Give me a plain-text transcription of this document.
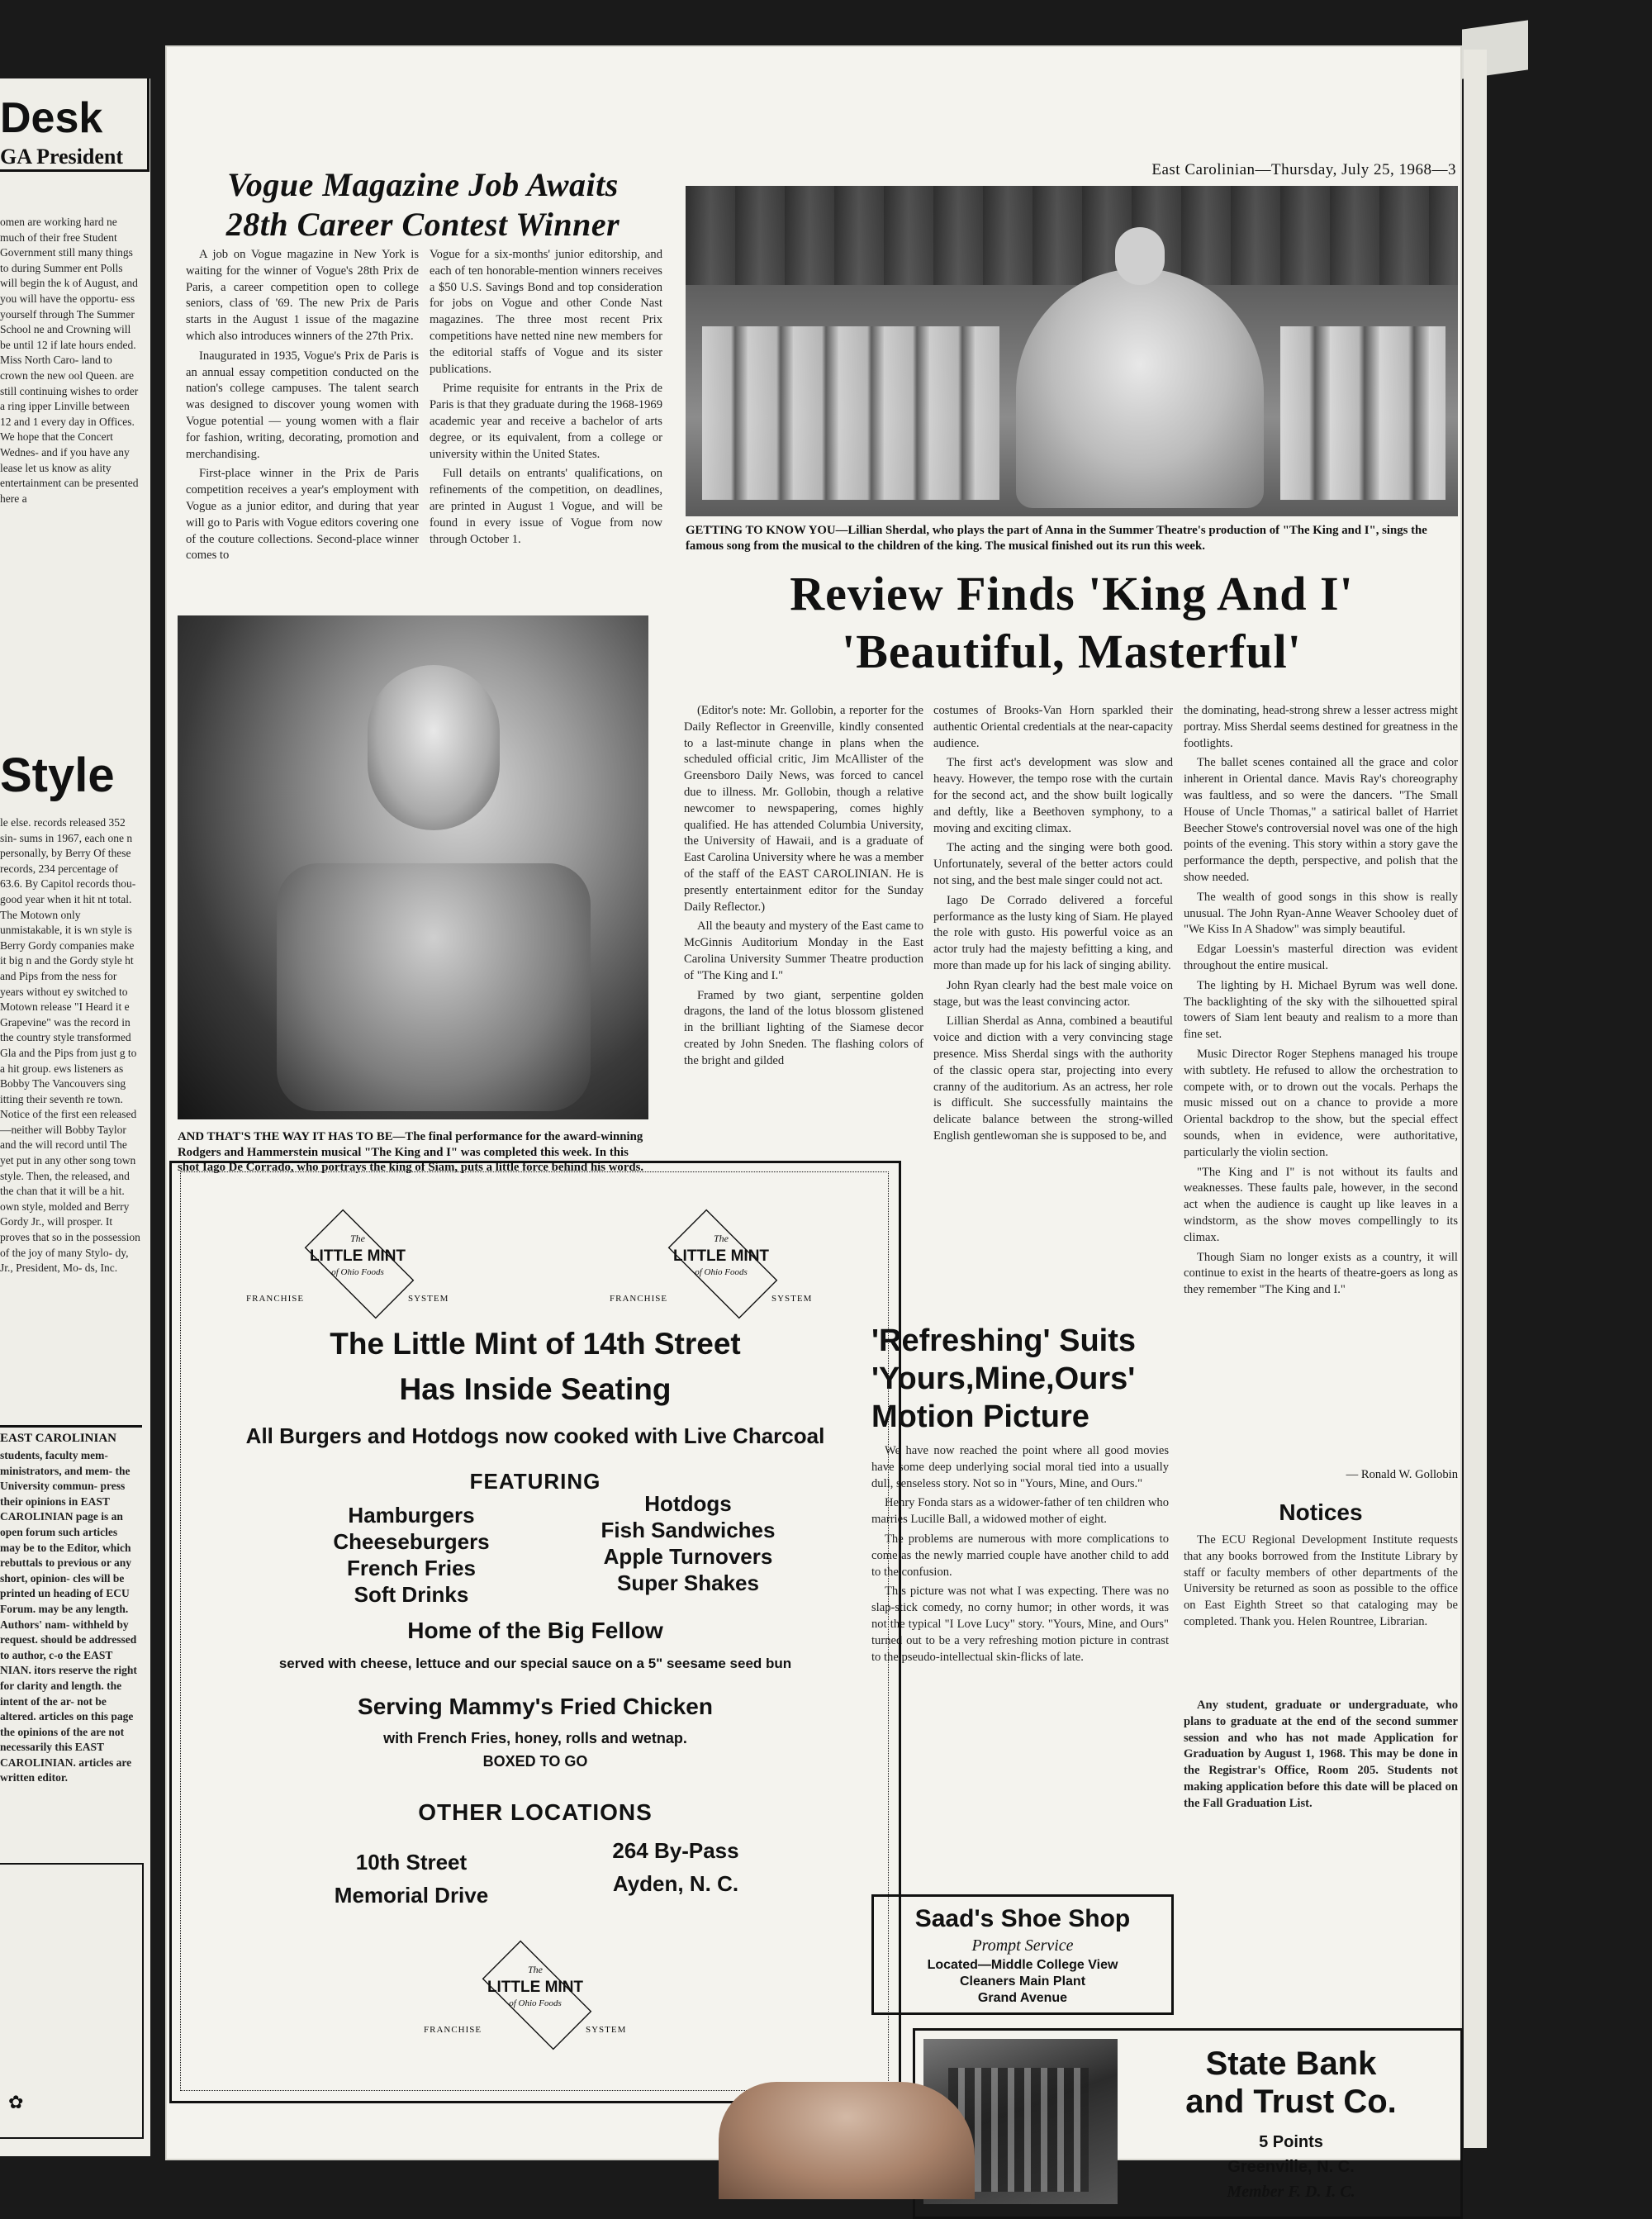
Desk
GA President
omen are working hard ne much of their free Student Government still many things to during Summer ent Polls will begin the k of August, and you will have the opportu- ess yourself through The Summer School ne and Crowning will be until 12 if late hours ended. Miss North Caro- land to crown the new ool Queen. are still continuing wishes to order a ring ipper Linville between 12 and 1 every day in Offices. We hope that the Concert Wednes- and if you have any lease let us know as ality entertainment can be presented here a
Style
le else. records released 352 sin- sums in 1967, each one n personally, by Berry Of these records, 234 percentage of 63.6. By Capitol records thou- good year when it hit nt total. The Motown only unmistakable, it is wn style is Berry Gordy companies make it big n and the Gordy style ht and Pips from the ness for years without ey switched to Motown release "I Heard it e Grapevine" was the record in the country style transformed Gla and the Pips from just g to a hit group. ews listeners as Bobby The Vancouvers sing itting their seventh re town. Notice of the first een released—neither will Bobby Taylor and the will record until The yet put in any other song town style. Then, the released, and the chan that it will be a hit. own style, molded and Berry Gordy Jr., will prosper. It proves that so in the possession of the joy of many Stylo- dy, Jr., President, Mo- ds, Inc.
EAST CAROLINIAN
students, faculty mem- ministrators, and mem- the University commun- press their opinions in EAST CAROLINIAN page is an open forum such articles may be to the Editor, which rebuttals to previous or any short, opinion- cles will be printed un heading of ECU Forum. may be any length. Authors' nam- withheld by request. should be addressed to author, c-o the EAST NIAN. itors reserve the right for clarity and length. the intent of the ar- not be altered. articles on this page the opinions of the are not necessarily this EAST CAROLINIAN. articles are written editor.
✿
East Carolinian—Thursday, July 25, 1968—3
Vogue Magazine Job Awaits
28th Career Contest Winner

A job on Vogue magazine in New York is waiting for the winner of Vogue's 28th Prix de Paris, a career competition open to college seniors, class of '69. The new Prix de Paris starts in the August 1 issue of the magazine which also introduces winners of the 27th Prix.

Inaugurated in 1935, Vogue's Prix de Paris is an annual essay competition conducted on the nation's college campuses. The talent search was designed to discover young women with Vogue potential — young women with a flair for fashion, writing, decorating, promotion and merchandising.

First-place winner in the Prix de Paris competition receives a year's employment with Vogue as a junior editor, and during that year will go to Paris with Vogue editors covering one of the couture collections. Second-place winner comes to

Vogue for a six-months' junior editorship, and each of ten honorable-mention winners receives a $50 U.S. Savings Bond and top consideration for jobs on Vogue and other Conde Nast magazines. The three most recent Prix competitions have netted nine new members for the editorial staffs of Vogue and its sister publications.

Prime requisite for entrants in the Prix de Paris is that they graduate during the 1968-1969 academic year and receive a bachelor of arts degree, or its equivalent, from a college or university within the United States.

Full details on entrants' qualifications, on refinements of the competition, on deadlines, are printed in August 1 Vogue, and will be found in every issue of Vogue from now through October 1.

GETTING TO KNOW YOU—Lillian Sherdal, who plays the part of Anna in the Summer Theatre's production of "The King and I", sings the famous song from the musical to the children of the king. The musical finished out its run this week.
Review Finds 'King And I'
'Beautiful, Masterful'
AND THAT'S THE WAY IT HAS TO BE—The final performance for the award-winning Rodgers and Hammerstein musical "The King and I" was completed this week. In this shot Iago De Corrado, who portrays the king of Siam, puts a little force behind his words.

(Editor's note: Mr. Gollobin, a reporter for the Daily Reflector in Greenville, kindly consented to a last-minute change in plans when the scheduled official critic, Jim McAllister of the Greensboro Daily News, was forced to cancel due to illness. Mr. Gollobin, though a relative newcomer to newspapering, comes highly qualified. He has attended Columbia University, the University of Hawaii, and is a graduate of East Carolina University where he was a member of the staff of the EAST CAROLINIAN. He is presently entertainment editor for the Sunday Daily Reflector.)

All the beauty and mystery of the East came to McGinnis Auditorium Monday in the East Carolina University Summer Theatre production of "The King and I."

Framed by two giant, serpentine golden dragons, the land of the lotus blossom glistened in the brilliant lighting of the Siamese decor created by John Sneden. The flashing colors of the bright and gilded

costumes of Brooks-Van Horn sparkled their authentic Oriental credentials at the near-capacity audience.

The first act's development was slow and heavy. However, the tempo rose with the curtain for the second act, and the show built logically and deftly, like a Beethoven symphony, to a moving and exciting climax.

The acting and the singing were both good. Unfortunately, several of the better actors could not sing, and the best male singer could not act.

Iago De Corrado delivered a forceful performance as the lusty king of Siam. He played the role with gusto. His powerful voice as an actor truly had the majesty befitting a king, and more than made up for his lack of singing ability.

John Ryan clearly had the best male voice on stage, but was the least convincing actor.

Lillian Sherdal as Anna, combined a beautiful voice and diction with a very convincing stage presence. Miss Sherdal sings with the authority of the classic opera star, projecting into every cranny of the auditorium. As an actress, her role is difficult. She successfully maintains the delicate balance between the strong-willed English gentlewoman she is supposed to be, and

the dominating, head-strong shrew a lesser actress might portray. Miss Sherdal seems destined for greatness in the footlights.

The ballet scenes contained all the grace and color inherent in Oriental dance. Mavis Ray's choreography was faultless, and so were the dancers. "The Small House of Uncle Thomas," a satirical ballet of Harriet Beecher Stowe's controversial novel was one of the high points of the evening. This story within a story gave the performance the depth, perspective, and polish that the show needed.

The wealth of good songs in this show is really unusual. The John Ryan-Anne Weaver Schooley duet of "We Kiss In A Shadow" was simply beautiful.

Edgar Loessin's masterful direction was evident throughout the entire musical.

The lighting by H. Michael Byrum was well done. The backlighting of the sky with the silhouetted spiral towers of Siam lent beauty and realism to a more than fine set.

Music Director Roger Stephens managed his troupe with subtlety. He refused to allow the orchestration to compete with, or to drown out the vocals. Perhaps the music missed out on a chance to provide a more Oriental backdrop to the show, but the special effect sounds, when in evidence, were authoritative, particularly the violin section.

"The King and I" is not without its faults and weaknesses. These faults pale, however, in the second act when the audience is caught up like leaves in a windstorm, as the show moves compellingly to its climax.

Though Siam no longer exists as a country, it will continue to exist in the hearts of theatre-goers as long as they remember "The King and I."

— Ronald W. Gollobin
'Refreshing' Suits
'Yours,Mine,Ours'
Motion Picture

We have now reached the point where all good movies have some deep underlying social moral tied into a usually dull, senseless story. Not so in "Yours, Mine, and Ours."

Henry Fonda stars as a widower-father of ten children who marries Lucille Ball, a widowed mother of eight.

The problems are numerous with more complications to come as the newly married couple have another child to add to the confusion.

This picture was not what I was expecting. There was no slap-stick comedy, no corny humor; in other words, it was not the typical "I Love Lucy" story. "Yours, Mine, and Ours" turned out to be a very refreshing motion picture in contrast to the pseudo-intellectual skin-flicks of late.

Notices

The ECU Regional Development Institute requests that any books borrowed from the Institute Library by staff or faculty members of other departments of the University be returned as soon as possible to the office on East Eighth Street so that cataloging may be completed. Thank you. Helen Rountree, Librarian.

Any student, graduate or undergraduate, who plans to graduate at the end of the second summer session and who has not made Application for Graduation by August 1, 1968. This may be done in the Registrar's Office, Room 205. Students not making application before this date will be placed on the Fall Graduation List.

Saad's Shoe Shop
Prompt Service
Located—Middle College View
Cleaners Main Plant
Grand Avenue
State Bank
and Trust Co.
5 Points
Greenville, N. C.
Member F. D. I. C.
The
LITTLE MINT
of Ohio Foods
FRANCHISE	SYSTEM
The
LITTLE MINT
of Ohio Foods
FRANCHISE	SYSTEM
The Little Mint of 14th Street
Has Inside Seating
All Burgers and Hotdogs now cooked with Live Charcoal
FEATURING
Hamburgers
Cheeseburgers
French Fries
Soft Drinks
Hotdogs
Fish Sandwiches
Apple Turnovers
Super Shakes
Home of the Big Fellow
served with cheese, lettuce and our special sauce on a 5" seesame seed bun
Serving Mammy's Fried Chicken
with French Fries, honey, rolls and wetnap.
BOXED TO GO
OTHER LOCATIONS
10th Street
Memorial Drive
264 By-Pass
Ayden, N. C.
The
LITTLE MINT
of Ohio Foods
FRANCHISE	SYSTEM
